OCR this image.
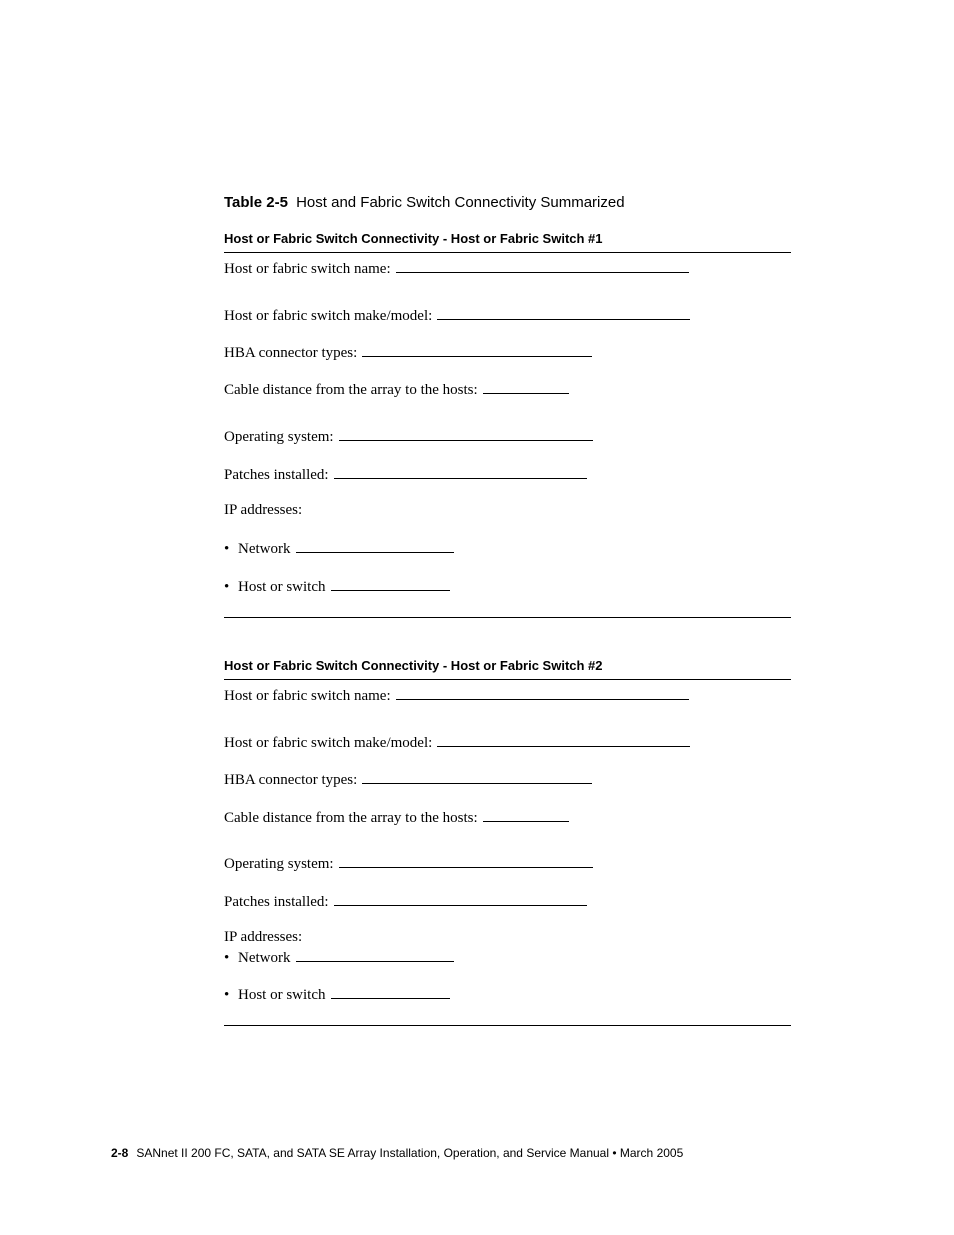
Table 2-5 Host and Fabric Switch Connectivity Summarized
Host or Fabric Switch Connectivity - Host or Fabric Switch #1
Host or fabric switch name:
Host or fabric switch make/model:
HBA connector types:
Cable distance from the array to the hosts:
Operating system:
Patches installed:
IP addresses:
• Network
• Host or switch
Host or Fabric Switch Connectivity - Host or Fabric Switch #2
Host or fabric switch name:
Host or fabric switch make/model:
HBA connector types:
Cable distance from the array to the hosts:
Operating system:
Patches installed:
IP addresses:
• Network
• Host or switch
2-8 SANnet II 200 FC, SATA, and SATA SE Array Installation, Operation, and Service Manual • March 2005
